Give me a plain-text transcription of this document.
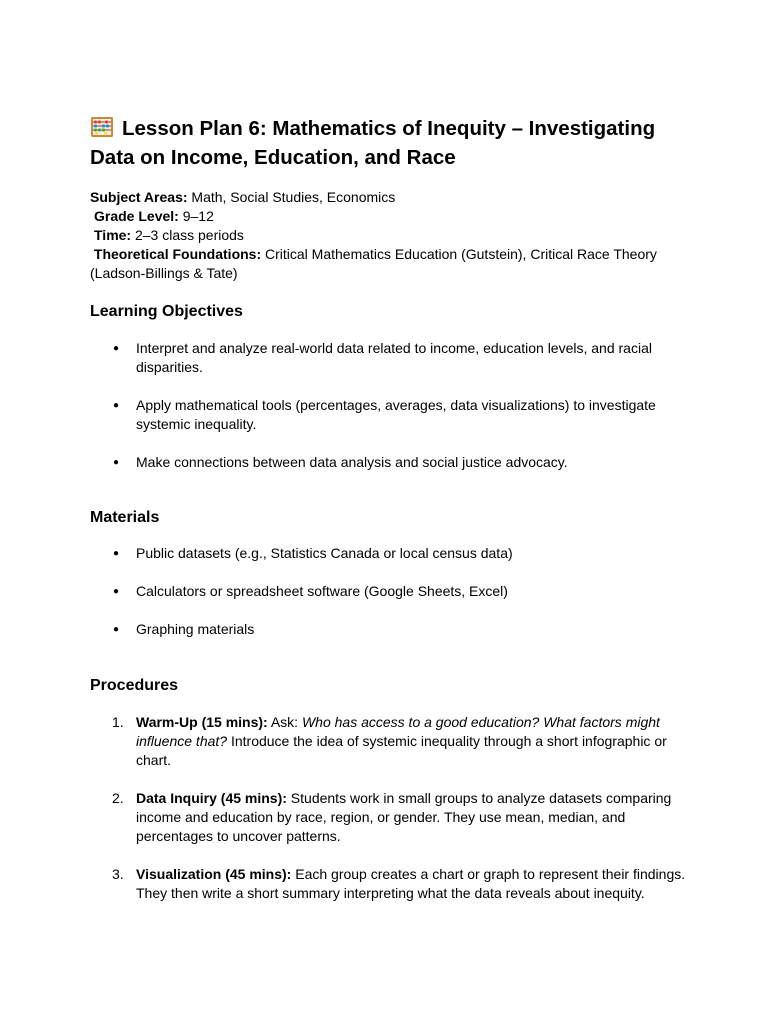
Lesson Plan 6: Mathematics of Inequity – Investigating Data on Income, Education, and Race
Subject Areas: Math, Social Studies, Economics
Grade Level: 9–12
Time: 2–3 class periods
Theoretical Foundations: Critical Mathematics Education (Gutstein), Critical Race Theory (Ladson-Billings & Tate)
Learning Objectives
● Interpret and analyze real-world data related to income, education levels, and racial disparities.
● Apply mathematical tools (percentages, averages, data visualizations) to investigate systemic inequality.
● Make connections between data analysis and social justice advocacy.
Materials
● Public datasets (e.g., Statistics Canada or local census data)
● Calculators or spreadsheet software (Google Sheets, Excel)
● Graphing materials
Procedures
1. Warm-Up (15 mins): Ask: Who has access to a good education? What factors might influence that? Introduce the idea of systemic inequality through a short infographic or chart.
2. Data Inquiry (45 mins): Students work in small groups to analyze datasets comparing income and education by race, region, or gender. They use mean, median, and percentages to uncover patterns.
3. Visualization (45 mins): Each group creates a chart or graph to represent their findings. They then write a short summary interpreting what the data reveals about inequity.
